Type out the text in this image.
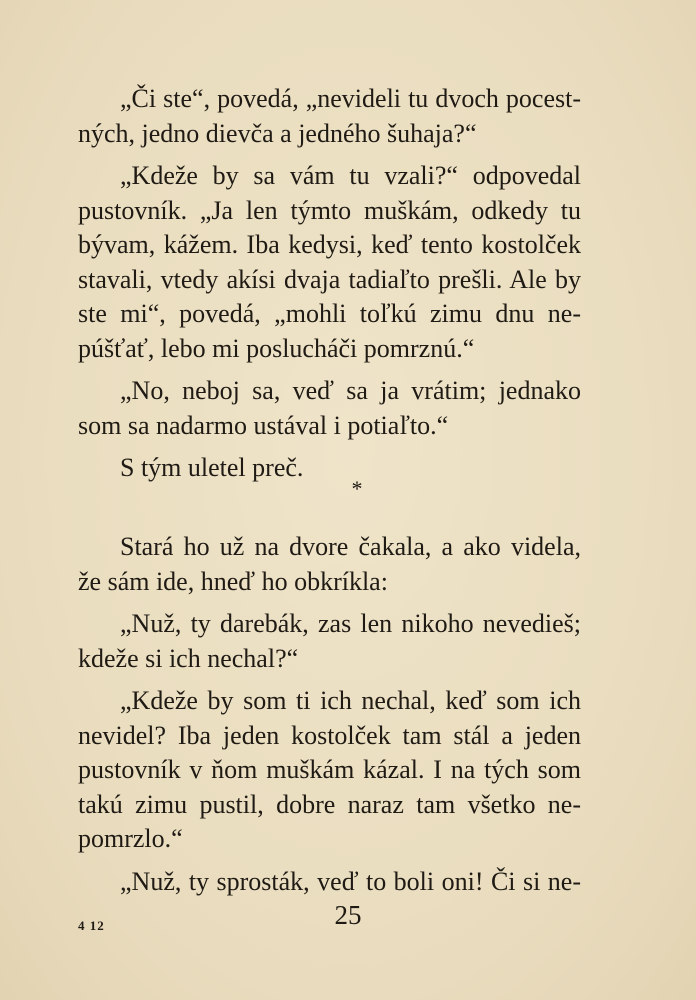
„Či ste“, povedá, „nevideli tu dvoch pocest-
ných, jedno dievča a jedného šuhaja?“
„Kdeže by sa vám tu vzali?“ odpovedal
pustovník. „Ja len týmto muškám, odkedy tu
bývam, kážem. Iba kedysi, keď tento kostolček
stavali, vtedy akísi dvaja tadiaľto prešli. Ale by
ste mi“, povedá, „mohli toľkú zimu dnu ne-
púšťať, lebo mi poslucháči pomrznú.“
„No, neboj sa, veď sa ja vrátim; jednako
som sa nadarmo ustával i potiaľto.“
S tým uletel preč.
*
Stará ho už na dvore čakala, a ako videla,
že sám ide, hneď ho obkríkla:
„Nuž, ty darebák, zas len nikoho nevedieš;
kdeže si ich nechal?“
„Kdeže by som ti ich nechal, keď som ich
nevidel? Iba jeden kostolček tam stál a jeden
pustovník v ňom muškám kázal. I na tých som
takú zimu pustil, dobre naraz tam všetko ne-
pomrzlo.“
„Nuž, ty sprosták, veď to boli oni! Či si ne-
4 12	25
